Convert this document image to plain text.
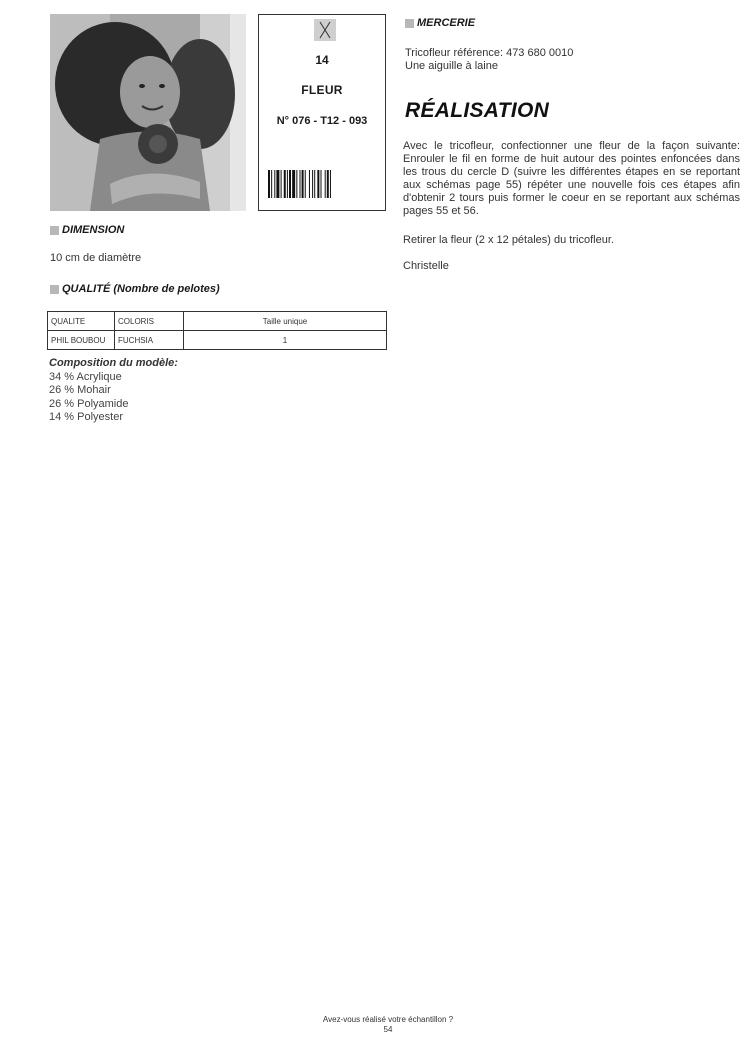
14
FLEUR
N° 076 - T12 - 093
DIMENSION
10 cm de diamètre
QUALITÉ (Nombre de pelotes)
QUALITE	COLORIS	Taille unique
PHIL BOUBOU	FUCHSIA	1
Composition du modèle:
34 % Acrylique
26 % Mohair
26 % Polyamide
14 % Polyester
MERCERIE
Tricofleur référence: 473 680 0010
Une aiguille à laine
RÉALISATION
Avec le tricofleur, confectionner une fleur de la façon suivante: Enrouler le fil en forme de huit autour des pointes enfoncées dans les trous du cercle D (suivre les différentes étapes en se reportant aux schémas page 55) répéter une nouvelle fois ces étapes afin d'obtenir 2 tours puis former le coeur en se reportant aux schémas pages 55 et 56.
Retirer la fleur (2 x 12 pétales) du tricofleur.
Christelle
Avez-vous réalisé votre échantillon ?
54
